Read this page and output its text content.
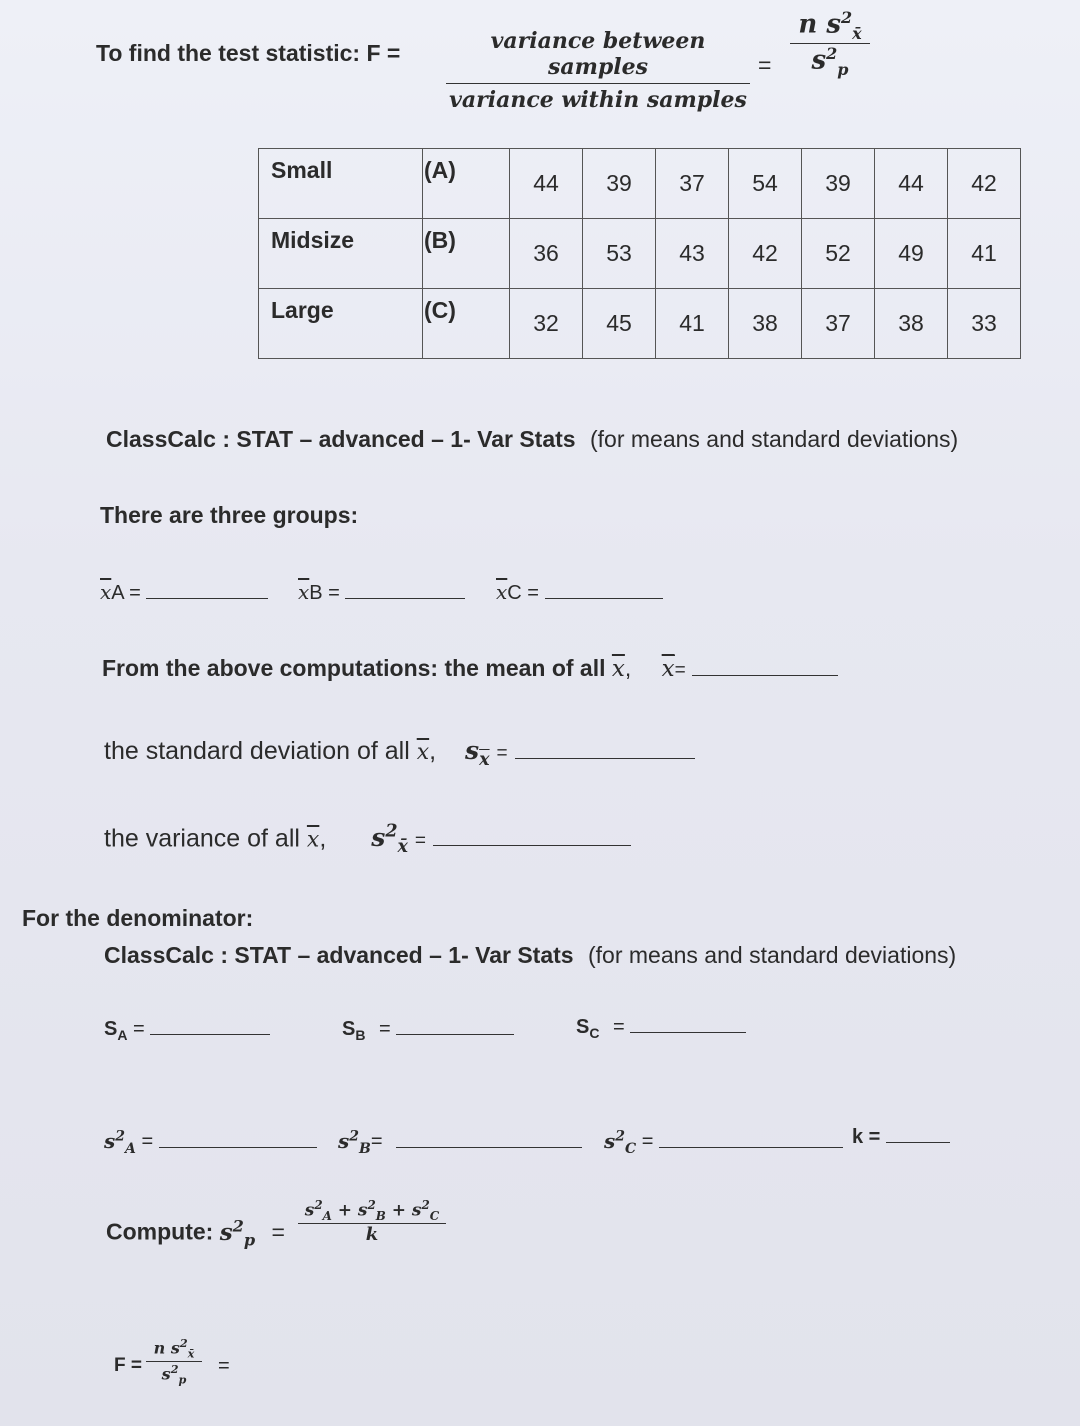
To find the test statistic: F =	variance between samples
variance within samples
=
n $s^2_{x̄}$
$s^2_p$
Small	(A)	44	39	37	54	39	44	42
Midsize	(B)	36	53	43	42	52	49	41
Large	(C)	32	45	41	38	37	38	33
ClassCalc : STAT – advanced – 1- Var Stats (for means and standard deviations)
There are three groups:
$\overline{x}A$ =	$\overline{x}B$ =	$\overline{x}C$ =
From the above computations: the mean of all $\overline{x}$, $\overline{x}=$
the standard deviation of all $\overline{x}$, $s_{\overline{x}}$ =
the variance of all $\overline{x}$, $s^2_{x̄}$ =
For the denominator:
ClassCalc : STAT – advanced – 1- Var Stats (for means and standard deviations)
$S_A$ =	$S_B$ =	$S_C$ =
$s^2_A$ =	$s^2_B=$	$s^2_C$ =	k =
Compute: $s^2_p$ =
$s^2_A + s^2_B + s^2_C$
k
F =
n $s^2_{x̄}$
$s^2_p$
=
